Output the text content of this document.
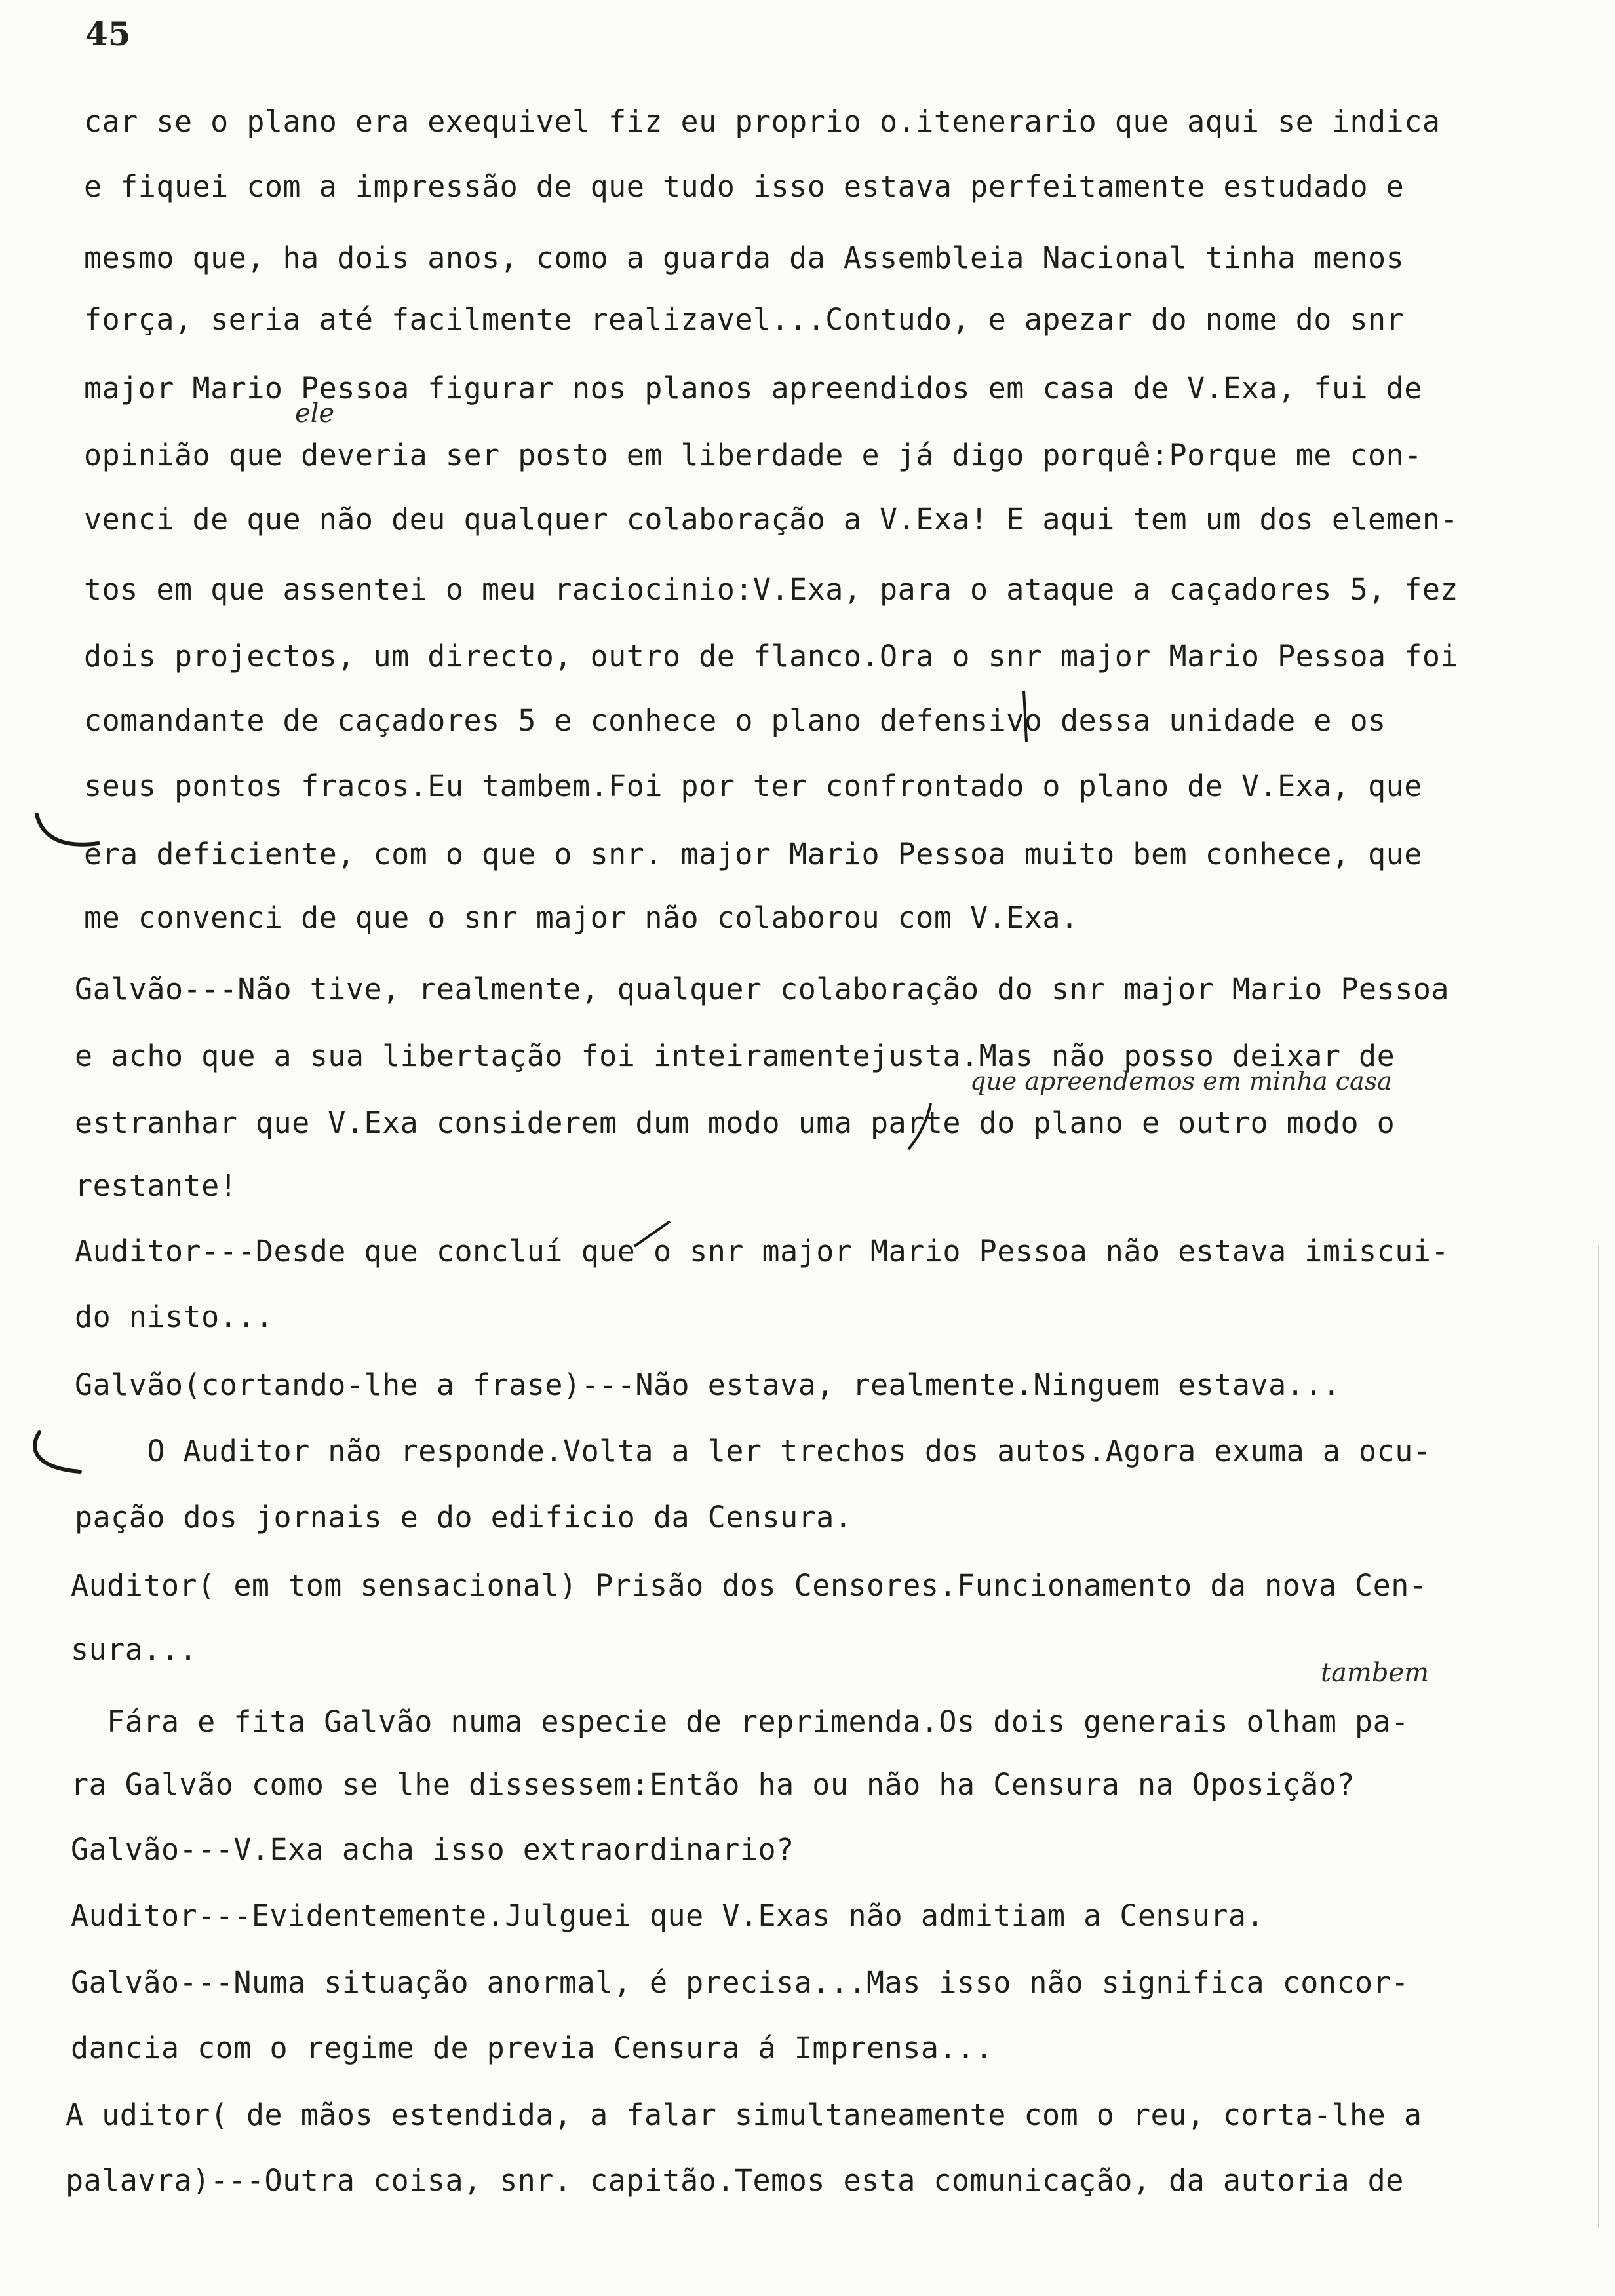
45
car se o plano era exequivel fiz eu proprio o.itenerario que aqui se indica
e fiquei com a impressão de que tudo isso estava perfeitamente estudado e
mesmo que, ha dois anos, como a guarda da Assembleia Nacional tinha menos
força, seria até facilmente realizavel...Contudo, e apezar do nome do snr
major Mario Pessoa figurar nos planos apreendidos em casa de V.Exa, fui de
opinião que deveria ser posto em liberdade e já digo porquê:Porque me con-
venci de que não deu qualquer colaboração a V.Exa! E aqui tem um dos elemen-
tos em que assentei o meu raciocinio:V.Exa, para o ataque a caçadores 5, fez
dois projectos, um directo, outro de flanco.Ora o snr major Mario Pessoa foi
comandante de caçadores 5 e conhece o plano defensivo dessa unidade e os
seus pontos fracos.Eu tambem.Foi por ter confrontado o plano de V.Exa, que
era deficiente, com o que o snr. major Mario Pessoa muito bem conhece, que
me convenci de que o snr major não colaborou com V.Exa.
Galvão---Não tive, realmente, qualquer colaboração do snr major Mario Pessoa
e acho que a sua libertação foi inteiramentejusta.Mas não posso deixar de
estranhar que V.Exa considerem dum modo uma parte do plano e outro modo o
restante!
Auditor---Desde que concluí que o snr major Mario Pessoa não estava imiscui-
do nisto...
Galvão(cortando-lhe a frase)---Não estava, realmente.Ninguem estava...
O Auditor não responde.Volta a ler trechos dos autos.Agora exuma a ocu-
pação dos jornais e do edificio da Censura.
Auditor( em tom sensacional) Prisão dos Censores.Funcionamento da nova Cen-
sura...
Fára e fita Galvão numa especie de reprimenda.Os dois generais olham pa-
ra Galvão como se lhe dissessem:Então ha ou não ha Censura na Oposição?
Galvão---V.Exa acha isso extraordinario?
Auditor---Evidentemente.Julguei que V.Exas não admitiam a Censura.
Galvão---Numa situação anormal, é precisa...Mas isso não significa concor-
dancia com o regime de previa Censura á Imprensa...
A uditor( de mãos estendida, a falar simultaneamente com o reu, corta-lhe a
palavra)---Outra coisa, snr. capitão.Temos esta comunicação, da autoria de
ele
que apreendemos em minha casa
tambem
